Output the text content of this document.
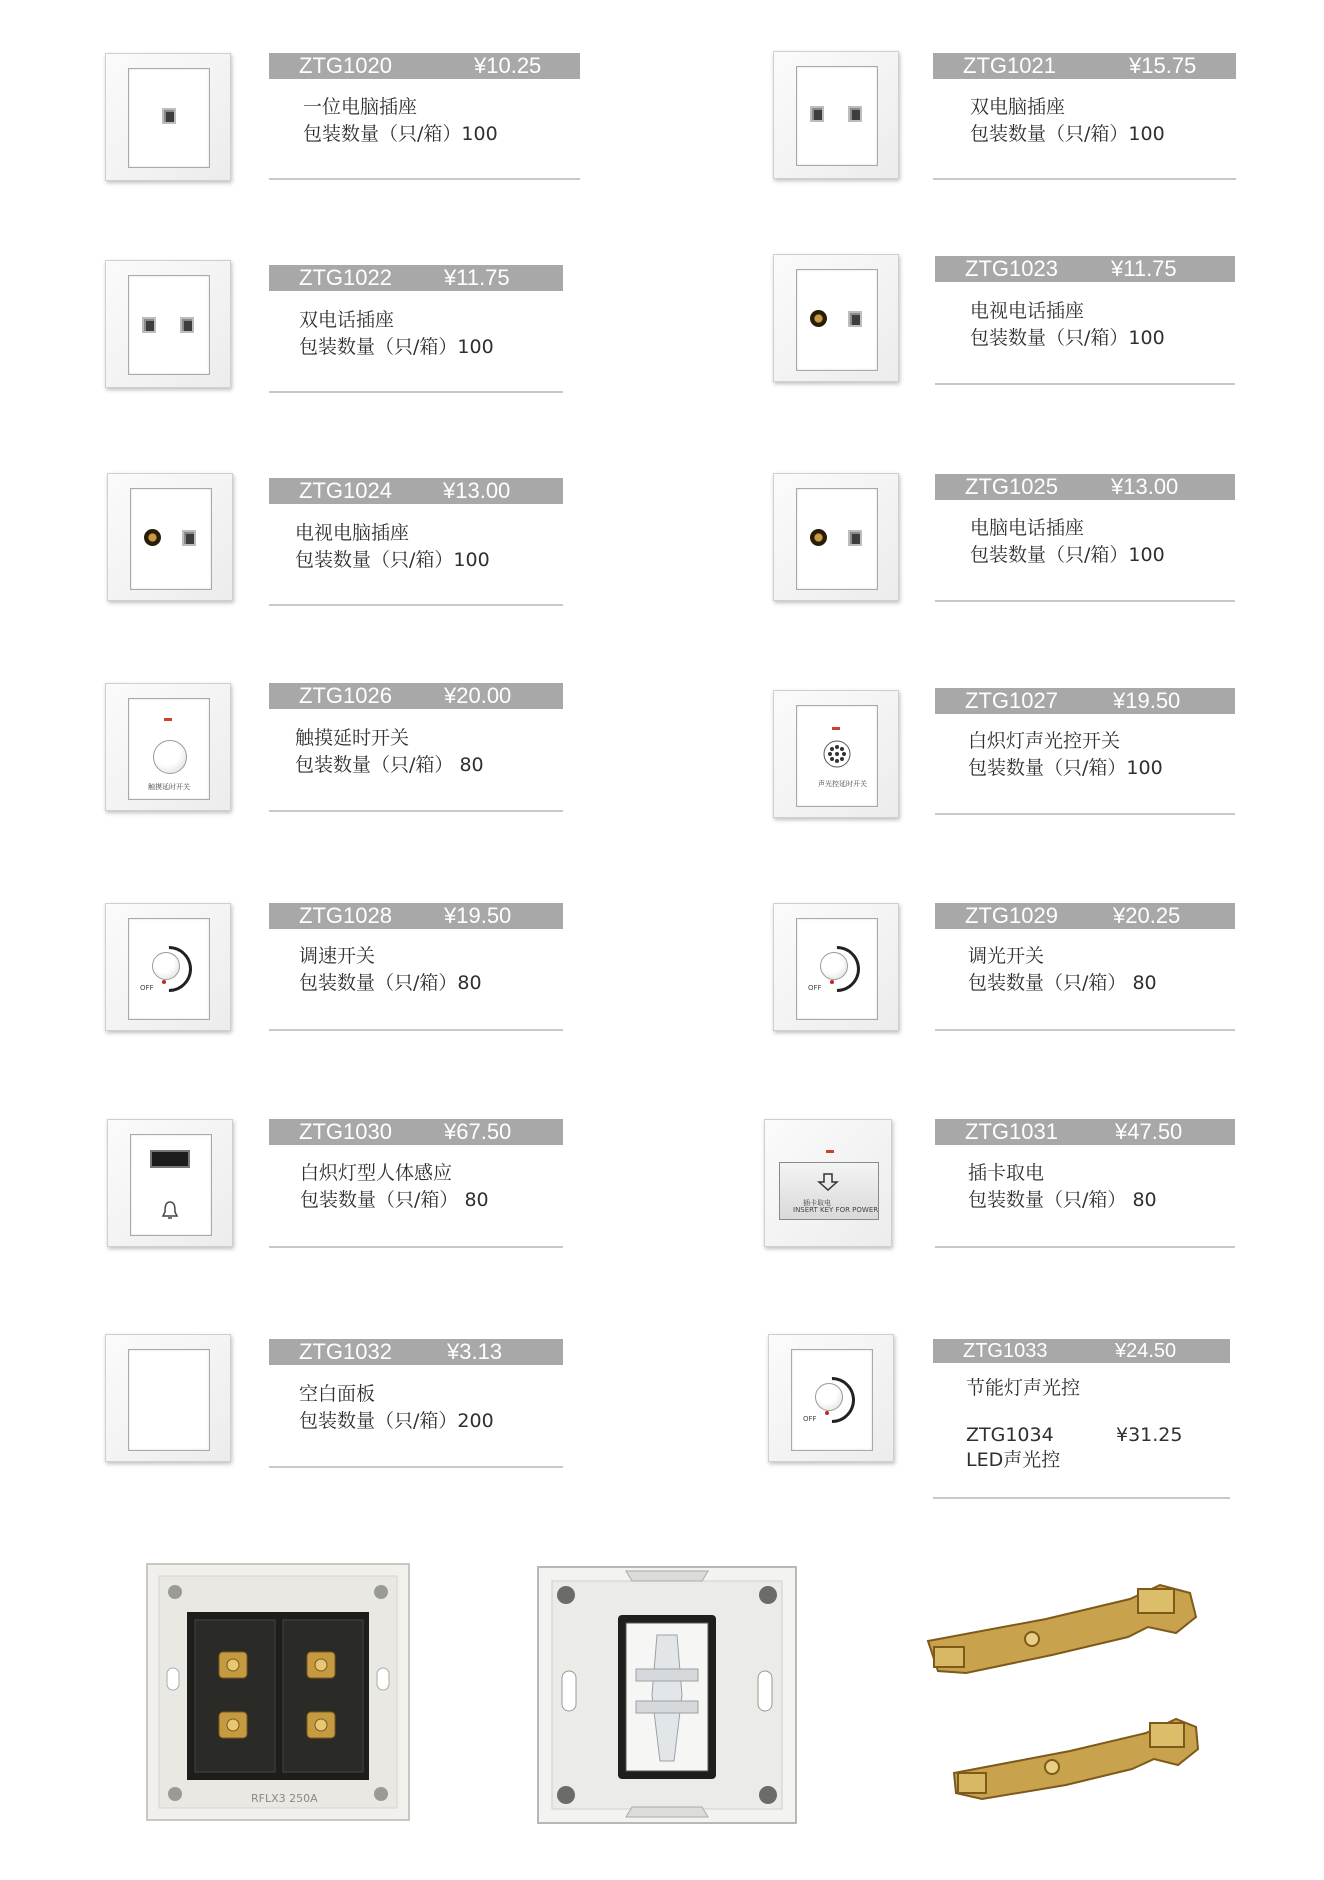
ZTG1020	¥10.25
一位电脑插座
包装数量（只/箱）100
ZTG1021	¥15.75
双电脑插座
包装数量（只/箱）100
ZTG1022 ¥11.75
双电话插座
包装数量（只/箱）100
ZTG1023 ¥11.75
电视电话插座
包装数量（只/箱）100
ZTG1024 ¥13.00
电视电脑插座
包装数量（只/箱）100
ZTG1025 ¥13.00
电脑电话插座
包装数量（只/箱）100
触摸延时开关
ZTG1026 ¥20.00
触摸延时开关
包装数量（只/箱） 80
声光控延时开关
ZTG1027	¥19.50
白炽灯声光控开关
包装数量（只/箱）100
OFF
ZTG1028 ¥19.50
调速开关
包装数量（只/箱）80	OFF
ZTG1029	¥20.25
调光开关
包装数量（只/箱） 80
ZTG1030 ¥67.50
白炽灯型人体感应
包装数量（只/箱） 80	插卡取电
INSERT KEY FOR POWER
ZTG1031	¥47.50
插卡取电
包装数量（只/箱） 80
ZTG1032	¥3.13
空白面板
包装数量（只/箱）200	OFF
ZTG1033	¥24.50
节能灯声光控
ZTG1034	¥31.25
LED声光控
RFLX3 250A
